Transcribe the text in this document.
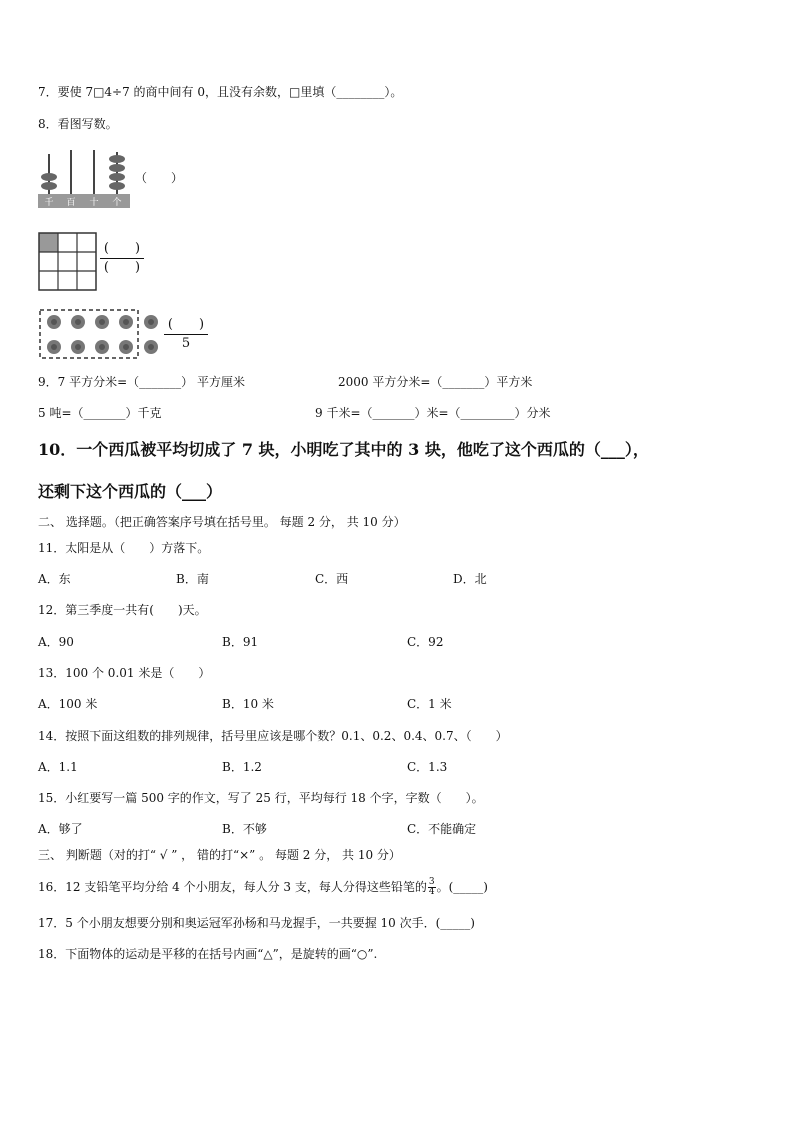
7．要使 7□4÷7 的商中间有 0，且没有余数，□里填（________）。
8．看图写数。
千 百 十 个
（　　）
(　　)
(　　)
(　　)
5
9．7 平方分米=（_______） 平方厘米	2000 平方分米=（_______）平方米
5 吨=（_______）千克	9 千米=（_______）米=（_________）分米
10．一个西瓜被平均切成了 7 块，小明吃了其中的 3 块，他吃了这个西瓜的（___），
还剩下这个西瓜的（___）
二、 选择题。（把正确答案序号填在括号里。 每题 2 分， 共 10 分）
11．太阳是从（　　）方落下。
A．东	B．南	C．西	D．北
12．第三季度一共有(　　)天。
A．90	B．91	C．92
13．100 个 0.01 米是（　　）
A．100 米	B．10 米	C．1 米
14．按照下面这组数的排列规律，括号里应该是哪个数？0.1、0.2、0.4、0.7、（　　）
A．1.1	B．1.2	C．1.3
15．小红要写一篇 500 字的作文，写了 25 行，平均每行 18 个字，字数（　　）。
A．够了	B．不够	C．不能确定
三、 判断题（对的打“ √ ” ， 错的打“×” 。 每题 2 分， 共 10 分）
16．12 支铅笔平均分给 4 个小朋友，每人分 3 支，每人分得这些铅笔的 $\frac{3}{4}$ 。(_____)
17．5 个小朋友想要分别和奥运冠军孙杨和马龙握手，一共要握 10 次手．(_____)
18．下面物体的运动是平移的在括号内画“△”，是旋转的画“○”.
